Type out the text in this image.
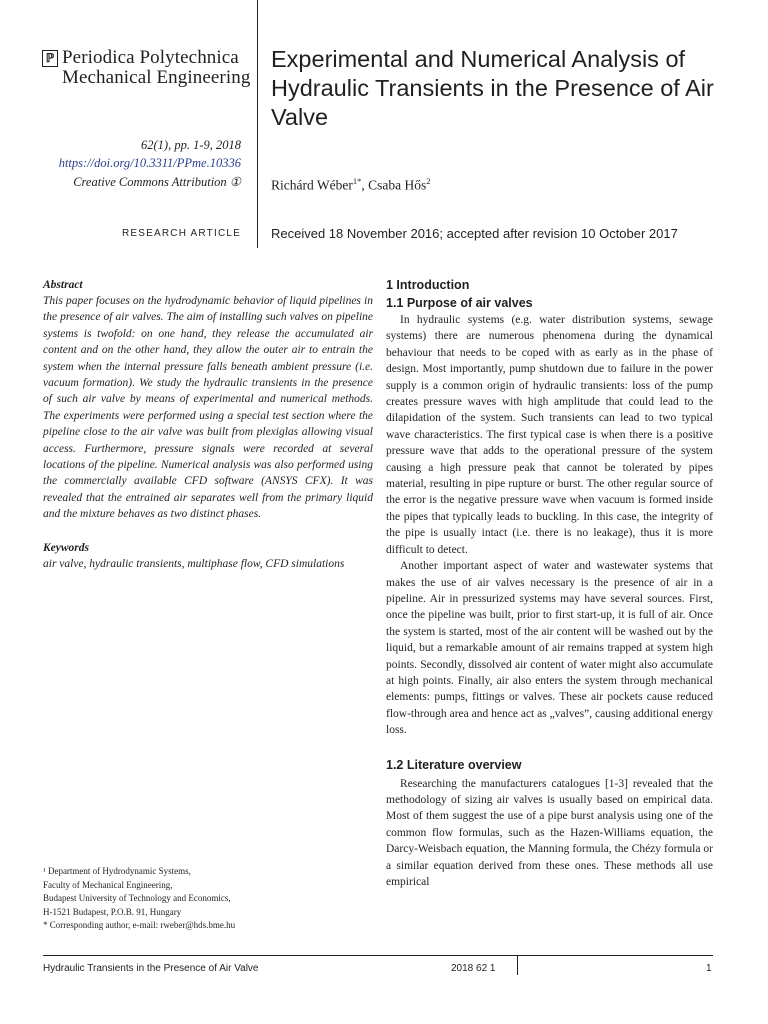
ℙ Periodica Polytechnica
Mechanical Engineering
62(1), pp. 1-9, 2018
https://doi.org/10.3311/PPme.10336
Creative Commons Attribution ①
RESEARCH ARTICLE
Experimental and Numerical Analysis of Hydraulic Transients in the Presence of Air Valve
Richárd Wéber$^{1*}$, Csaba Hős$^2$
Received 18 November 2016; accepted after revision 10 October 2017

Abstract

This paper focuses on the hydrodynamic behavior of liquid pipelines in the presence of air valves. The aim of installing such valves on pipeline systems is twofold: on one hand, they release the accumulated air content and on the other hand, they allow the outer air to entrain the system when the internal pressure falls beneath ambient pressure (i.e. vacuum formation). We study the hydraulic transients in the presence of such air valve by means of experimental and numerical methods. The experiments were performed using a special test section where the pipeline close to the air valve was built from plexiglas allowing visual access. Furthermore, pressure signals were recorded at several locations of the pipeline. Numerical analysis was also performed using the commercially available CFD software (ANSYS CFX). It was revealed that the entrained air separates well from the primary liquid and the mixture behaves as two distinct phases.

Keywords

air valve, hydraulic transients, multiphase flow, CFD simulations

¹ Department of Hydrodynamic Systems,

Faculty of Mechanical Engineering,

Budapest University of Technology and Economics,

H-1521 Budapest, P.O.B. 91, Hungary

* Corresponding author, e-mail: rweber@hds.bme.hu

1 Introduction

1.1 Purpose of air valves

In hydraulic systems (e.g. water distribution systems, sewage systems) there are numerous phenomena during the dynamical behaviour that needs to be coped with as early as in the phase of design. Most importantly, pump shutdown due to failure in the power supply is a common origin of hydraulic transients: loss of the pump creates pressure waves with high amplitude that could lead to the dilapidation of the system. Such transients can lead to two typical wave characteristics. The first typical case is when there is a positive pressure wave that adds to the operational pressure of the system causing a high pressure peak that cannot be tolerated by pipes material, resulting in pipe rupture or burst. The other regular source of the error is the negative pressure wave when vacuum is formed inside the pipes that typically leads to buckling. In this case, the integrity of the pipe is usually intact (i.e. there is no leakage), thus it is more difficult to detect.

Another important aspect of water and wastewater systems that makes the use of air valves necessary is the presence of air in a pipeline. Air in pressurized systems may have several sources. First, once the pipeline was built, prior to first start-up, it is full of air. Once the system is started, most of the air content will be washed out by the liquid, but a remarkable amount of air remains trapped at system high points. Secondly, dissolved air content of water might also accumulate at high points. Finally, air also enters the system through mechanical elements: pumps, fittings or valves. These air pockets cause reduced flow-through area and hence act as „valves”, causing additional energy loss.

1.2 Literature overview

Researching the manufacturers catalogues [1-3] revealed that the methodology of sizing air valves is usually based on empirical data. Most of them suggest the use of a pipe burst analysis using one of the common flow formulas, such as the Hazen-Williams equation, the Darcy-Weisbach equation, the Manning formula, the Chézy formula or a similar equation derived from these ones. These methods all use empirical

Hydraulic Transients in the Presence of Air Valve	2018 62 1	1
